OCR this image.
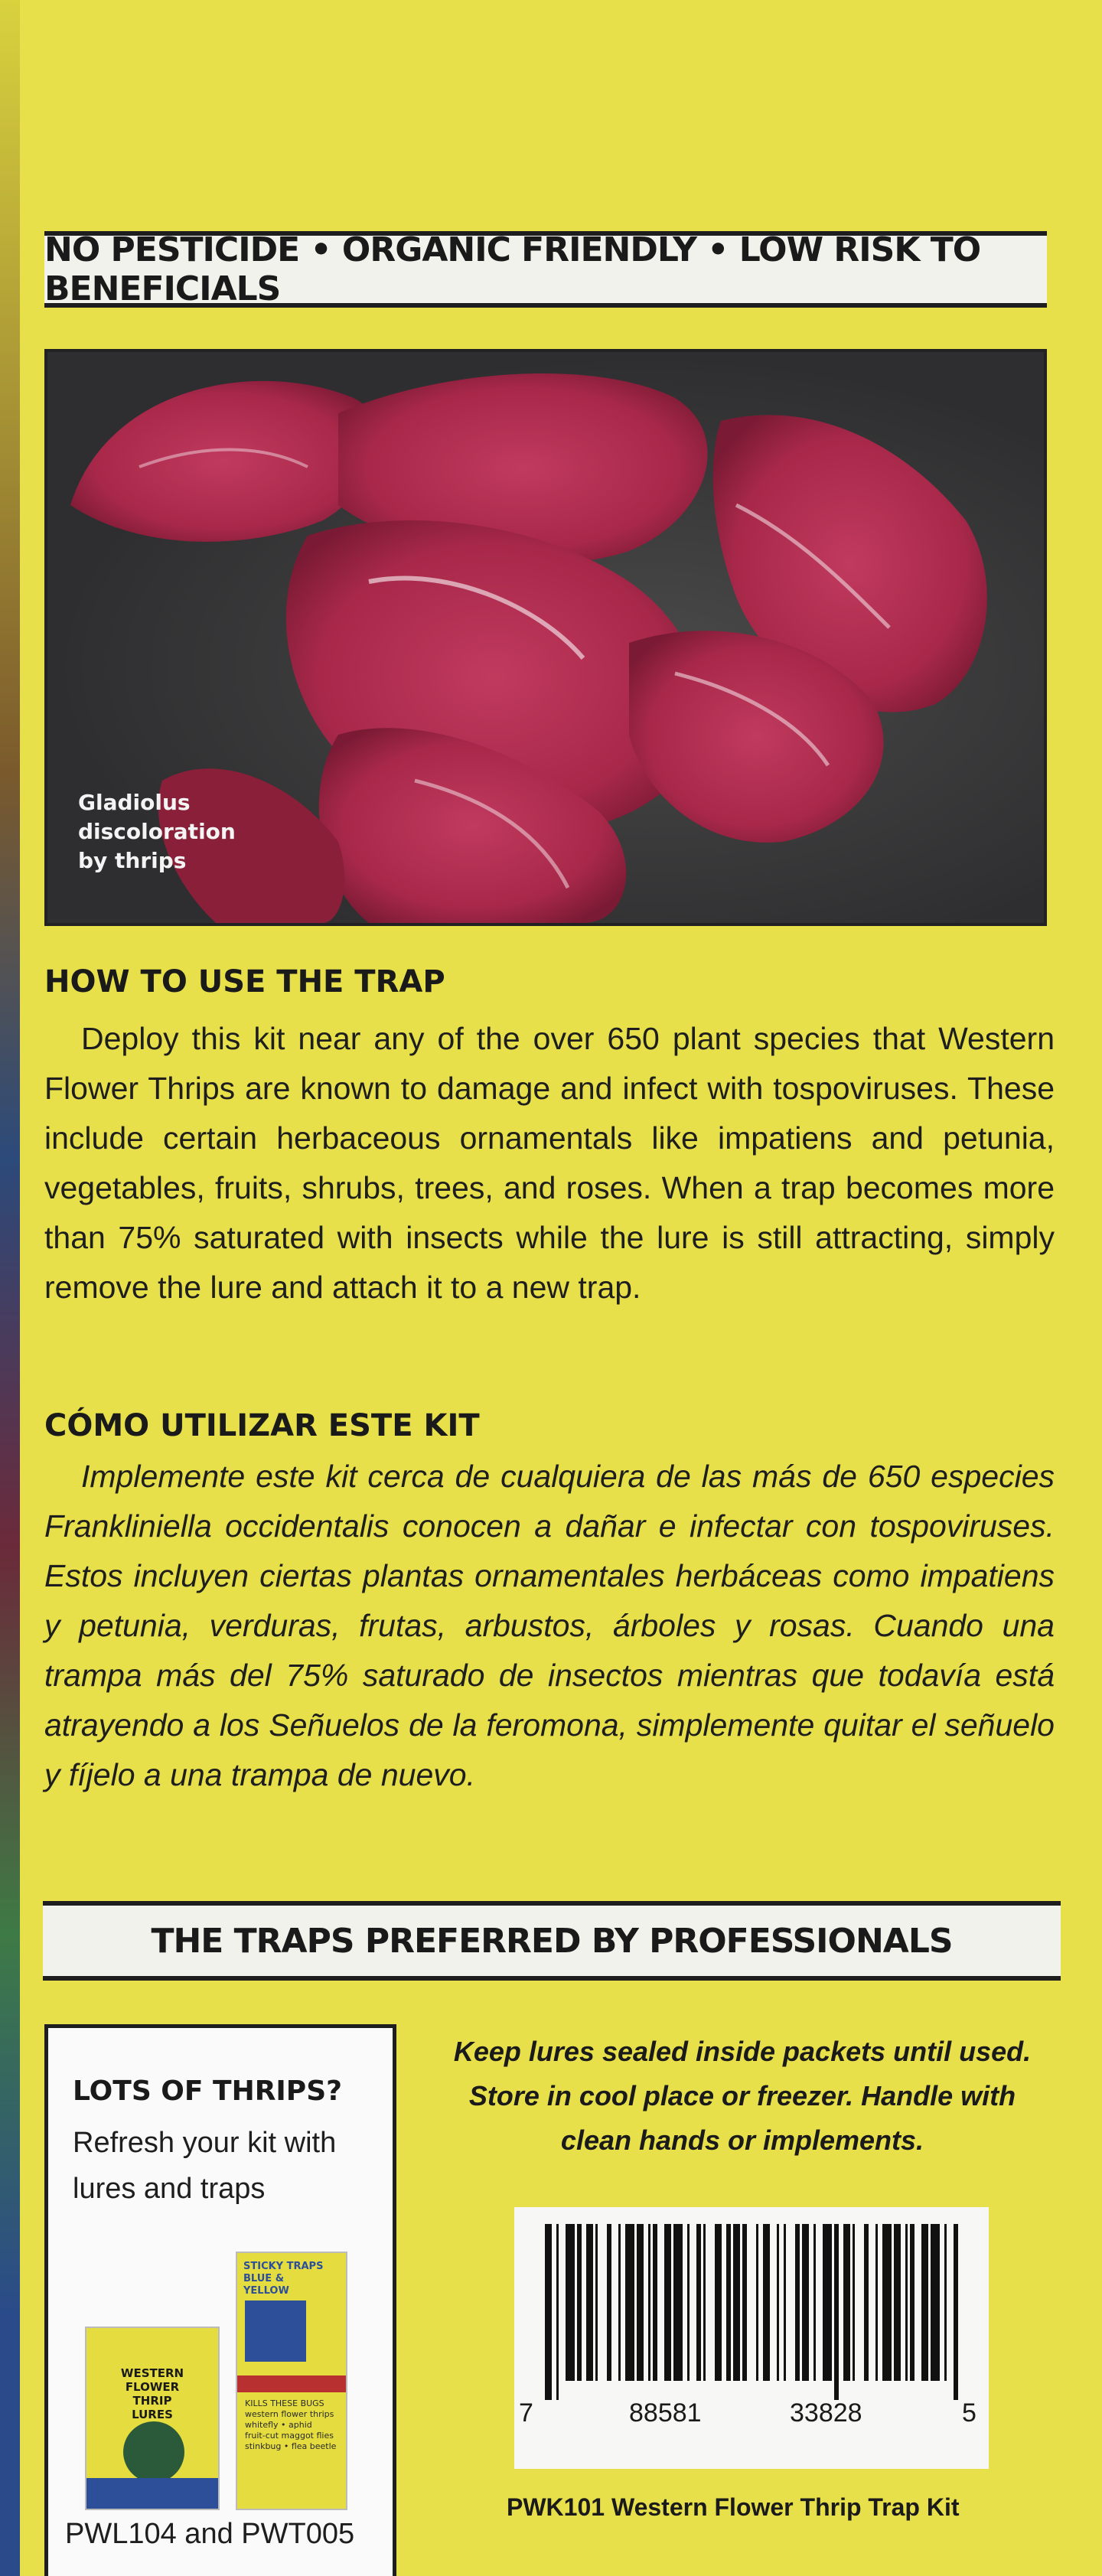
NO PESTICIDE • ORGANIC FRIENDLY • LOW RISK TO BENEFICIALS
Gladiolus
discoloration
by thrips
HOW TO USE THE TRAP
Deploy this kit near any of the over 650 plant species that Western Flower Thrips are known to damage and infect with tospoviruses. These include certain herbaceous ornamentals like impatiens and petunia, vegetables, fruits, shrubs, trees, and roses. When a trap becomes more than 75% saturated with insects while the lure is still attracting, simply remove the lure and attach it to a new trap.
CÓMO UTILIZAR ESTE KIT
Implemente este kit cerca de cualquiera de las más de 650 especies Frankliniella occidentalis conocen a dañar e infectar con tospoviruses. Estos incluyen ciertas plantas ornamentales herbáceas como impatiens y petunia, verduras, frutas, arbustos, árboles y rosas. Cuando una trampa más del 75% saturado de insectos mientras que todavía está atrayendo a los Señuelos de la feromona, simplemente quitar el señuelo y fíjelo a una trampa de nuevo.
THE TRAPS PREFERRED BY PROFESSIONALS
LOTS OF THRIPS?
Refresh your kit with lures and traps
WESTERN
FLOWER
THRIP
LURES
STICKY TRAPS
BLUE &
YELLOW
KILLS THESE BUGS
western flower thrips
whitefly • aphid
fruit-cut maggot flies
stinkbug • flea beetle
PWL104 and PWT005
Keep lures sealed inside packets until used.
Store in cool place or freezer. Handle with
clean hands or implements.
7	88581	33828	5
PWK101 Western Flower Thrip Trap Kit
